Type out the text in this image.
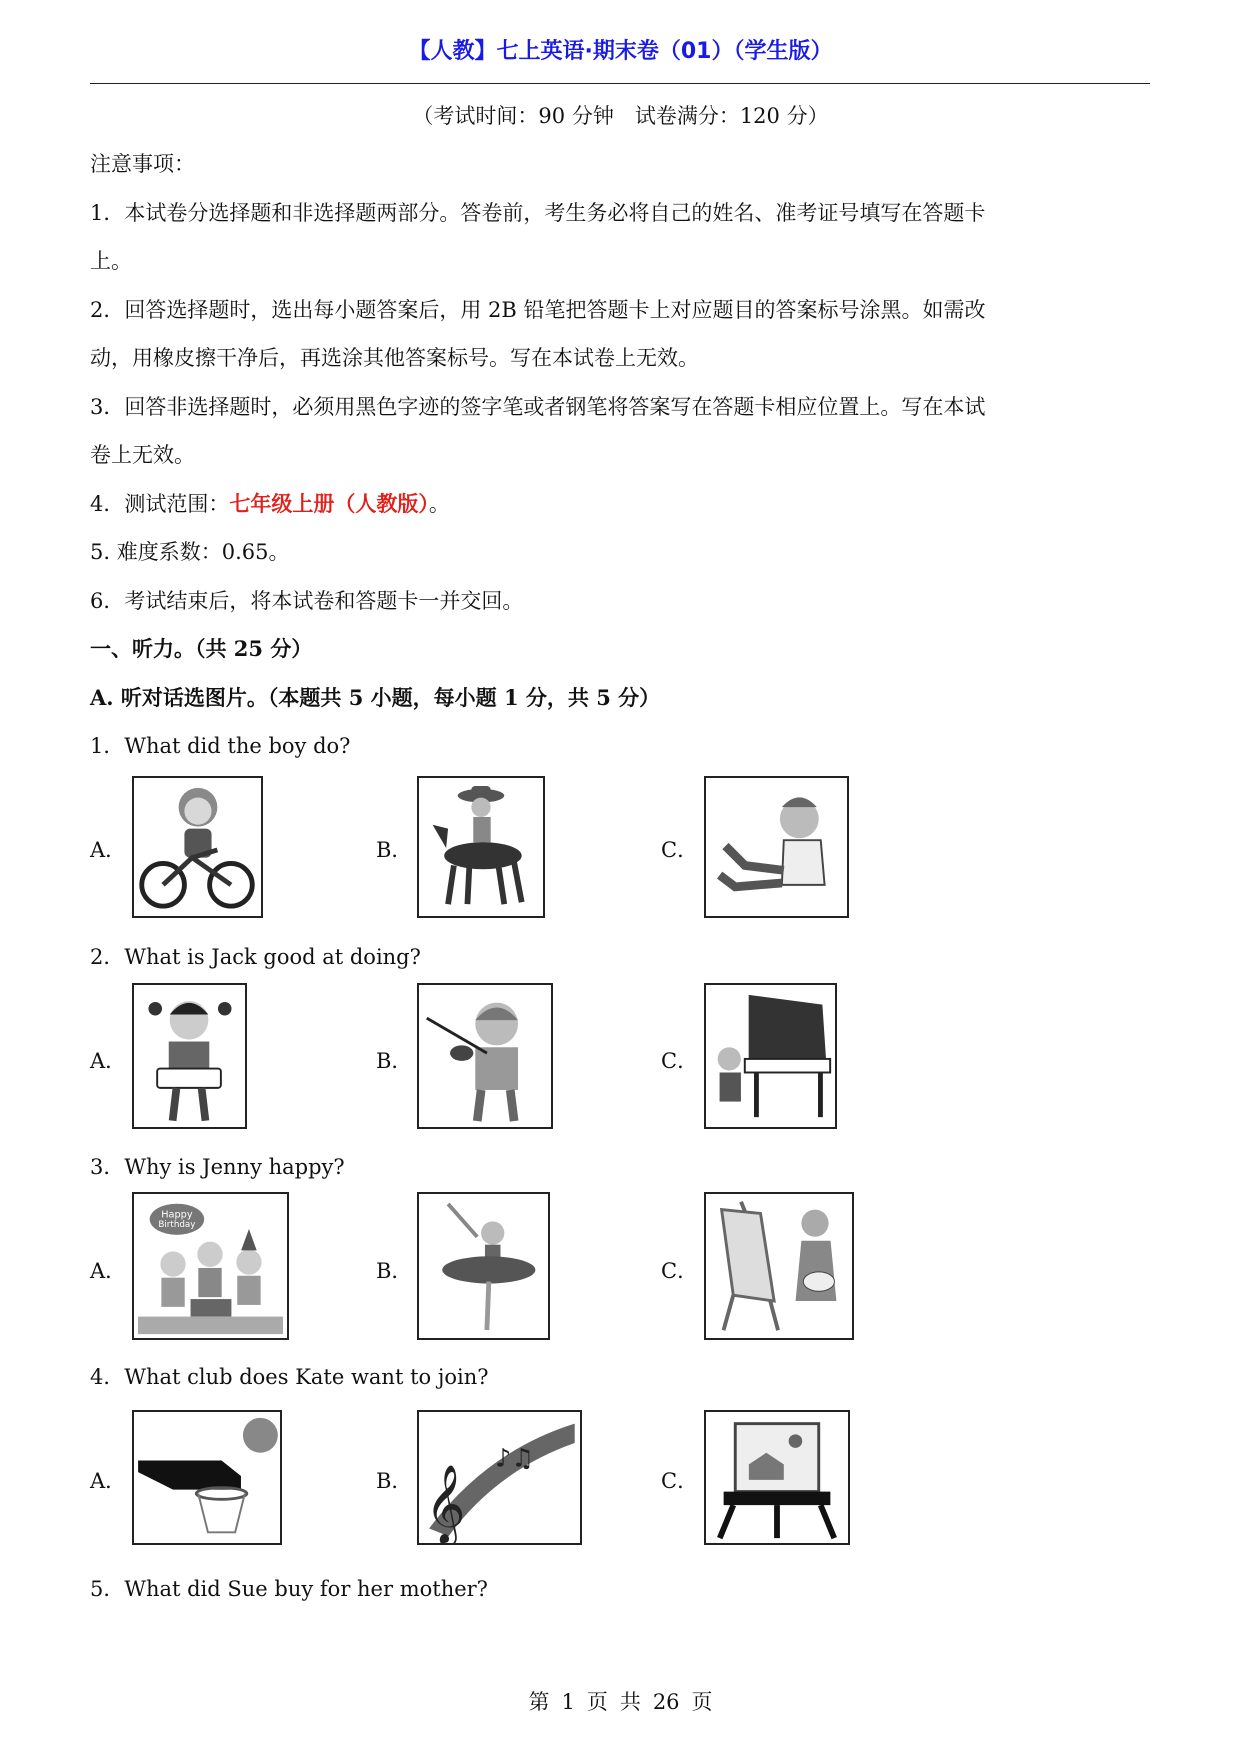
【人教】七上英语·期末卷（01）（学生版）
（考试时间：90 分钟　试卷满分：120 分）
注意事项：
1．本试卷分选择题和非选择题两部分。答卷前，考生务必将自己的姓名、准考证号填写在答题卡
上。
2．回答选择题时，选出每小题答案后，用 2B 铅笔把答题卡上对应题目的答案标号涂黑。如需改
动，用橡皮擦干净后，再选涂其他答案标号。写在本试卷上无效。
3．回答非选择题时，必须用黑色字迹的签字笔或者钢笔将答案写在答题卡相应位置上。写在本试
卷上无效。
4．测试范围：七年级上册（人教版）。
5. 难度系数：0.65。
6．考试结束后，将本试卷和答题卡一并交回。
一、听力。（共 25 分）
A. 听对话选图片。（本题共 5 小题，每小题 1 分，共 5 分）
1．What did the boy do?
A．	B．	C．
2．What is Jack good at doing?
A．	B．	C．
3．Why is Jenny happy?
A．
Happy
Birthday
B．	C．
4．What club does Kate want to join?
A．	B． 𝄞
♪♫
C．
5．What did Sue buy for her mother?
第 1 页 共 26 页
